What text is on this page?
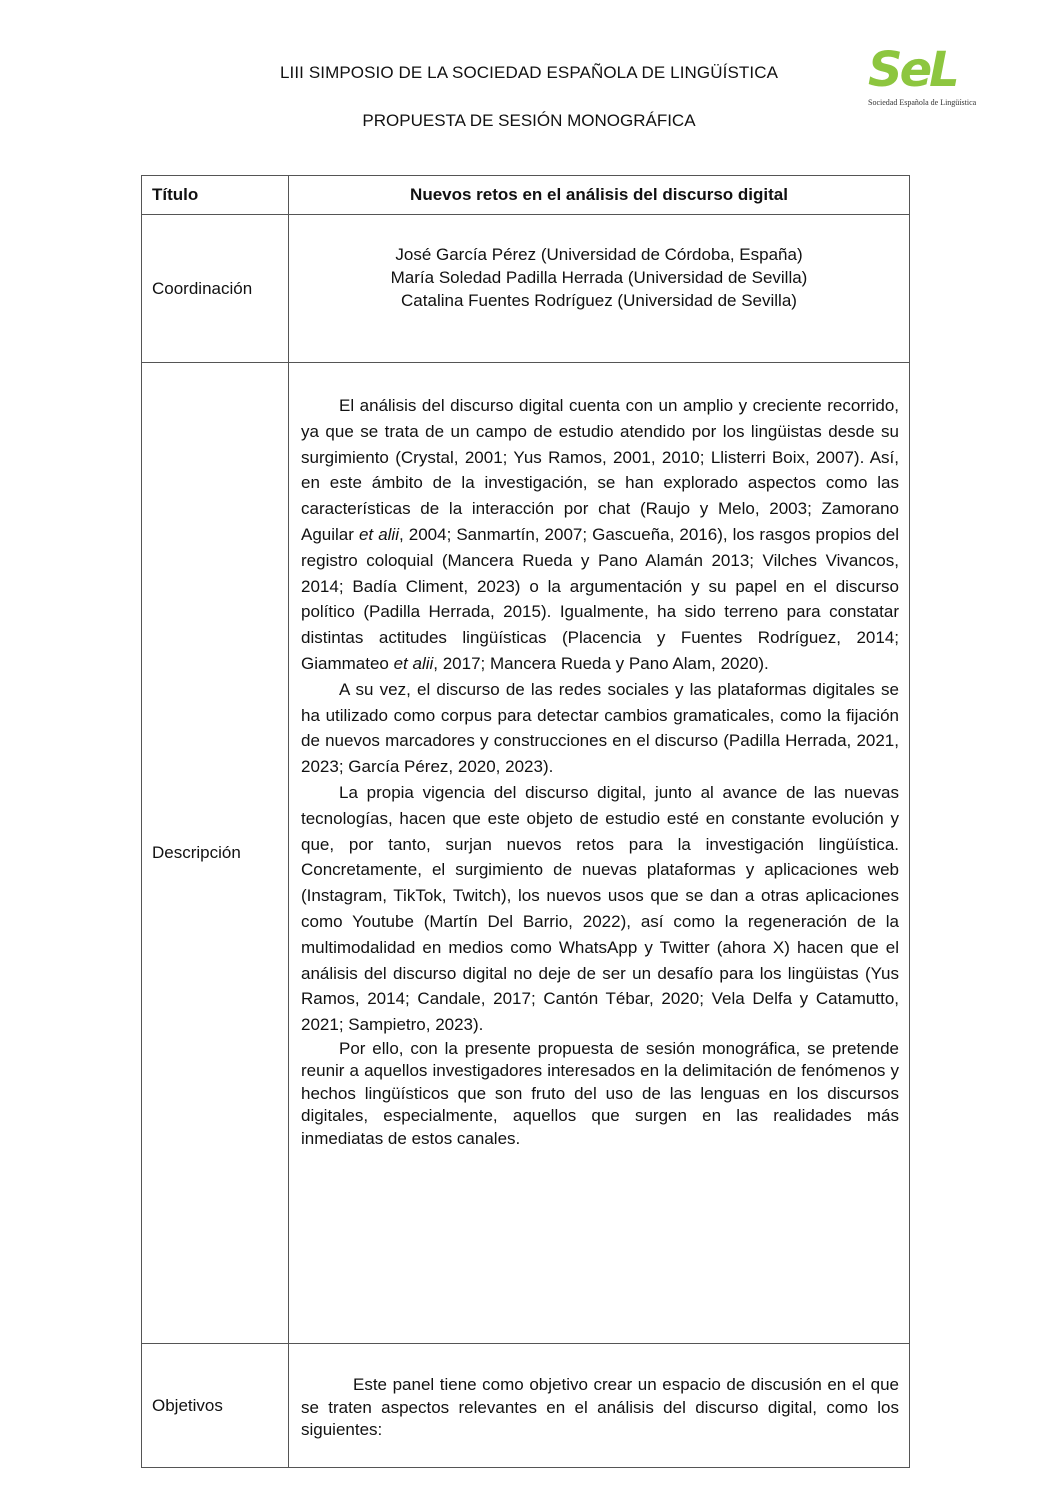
LIII SIMPOSIO DE LA SOCIEDAD ESPAÑOLA DE LINGÜÍSTICA
PROPUESTA DE SESIÓN MONOGRÁFICA
SeL
Sociedad Española de Lingüística
Título	Nuevos retos en el análisis del discurso digital
Coordinación	José García Pérez (Universidad de Córdoba, España)
María Soledad Padilla Herrada (Universidad de Sevilla)
Catalina Fuentes Rodríguez (Universidad de Sevilla)

Descripción	El análisis del discurso digital cuenta con un amplio y creciente recorrido, ya que se trata de un campo de estudio atendido por los lingüistas desde su surgimiento (Crystal, 2001; Yus Ramos, 2001, 2010; Llisterri Boix, 2007). Así, en este ámbito de la investigación, se han explorado aspectos como las características de la interacción por chat (Raujo y Melo, 2003; Zamorano Aguilar et alii, 2004; Sanmartín, 2007; Gascueña, 2016), los rasgos propios del registro coloquial (Mancera Rueda y Pano Alamán 2013; Vilches Vivancos, 2014; Badía Climent, 2023) o la argumentación y su papel en el discurso político (Padilla Herrada, 2015). Igualmente, ha sido terreno para constatar distintas actitudes lingüísticas (Placencia y Fuentes Rodríguez, 2014; Giammateo et alii, 2017; Mancera Rueda y Pano Alam, 2020).

A su vez, el discurso de las redes sociales y las plataformas digitales se ha utilizado como corpus para detectar cambios gramaticales, como la fijación de nuevos marcadores y construcciones en el discurso (Padilla Herrada, 2021, 2023; García Pérez, 2020, 2023).

La propia vigencia del discurso digital, junto al avance de las nuevas tecnologías, hacen que este objeto de estudio esté en constante evolución y que, por tanto, surjan nuevos retos para la investigación lingüística. Concretamente, el surgimiento de nuevas plataformas y aplicaciones web (Instagram, TikTok, Twitch), los nuevos usos que se dan a otras aplicaciones como Youtube (Martín Del Barrio, 2022), así como la regeneración de la multimodalidad en medios como WhatsApp y Twitter (ahora X) hacen que el análisis del discurso digital no deje de ser un desafío para los lingüistas (Yus Ramos, 2014; Candale, 2017; Cantón Tébar, 2020; Vela Delfa y Catamutto, 2021; Sampietro, 2023).

Por ello, con la presente propuesta de sesión monográfica, se pretende reunir a aquellos investigadores interesados en la delimitación de fenómenos y hechos lingüísticos que son fruto del uso de las lenguas en los discursos digitales, especialmente, aquellos que surgen en las realidades más inmediatas de estos canales.

Objetivos	Este panel tiene como objetivo crear un espacio de discusión en el que se traten aspectos relevantes en el análisis del discurso digital, como los siguientes:
